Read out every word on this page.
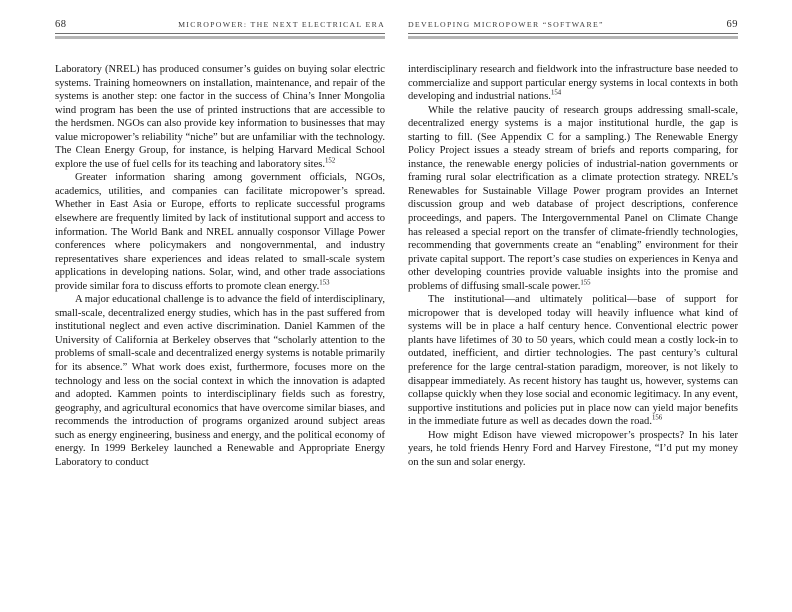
68	MICROPOWER: THE NEXT ELECTRICAL ERA

Laboratory (NREL) has produced consumer’s guides on buying solar electric systems. Training homeowners on installation, maintenance, and repair of the systems is another step: one factor in the success of China’s Inner Mongolia wind program has been the use of printed instructions that are accessible to the herdsmen. NGOs can also provide key information to businesses that may value micropower’s reliability “niche” but are unfamiliar with the technology. The Clean Energy Group, for instance, is helping Harvard Medical School explore the use of fuel cells for its teaching and laboratory sites.$^{152}$

Greater information sharing among government officials, NGOs, academics, utilities, and companies can facilitate micropower’s spread. Whether in East Asia or Europe, efforts to replicate successful programs elsewhere are frequently limited by lack of institutional support and access to information. The World Bank and NREL annually cosponsor Village Power conferences where policymakers and nongovernmental, and industry representatives share experiences and ideas related to small-scale system applications in developing nations. Solar, wind, and other trade associations provide similar fora to discuss efforts to promote clean energy.$^{153}$

A major educational challenge is to advance the field of interdisciplinary, small-scale, decentralized energy studies, which has in the past suffered from institutional neglect and even active discrimination. Daniel Kammen of the University of California at Berkeley observes that “scholarly attention to the problems of small-scale and decentralized energy systems is notable primarily for its absence.” What work does exist, furthermore, focuses more on the technology and less on the social context in which the innovation is adapted and adopted. Kammen points to interdisciplinary fields such as forestry, geography, and agricultural economics that have overcome similar biases, and recommends the introduction of programs organized around subject areas such as energy engineering, business and energy, and the political economy of energy. In 1999 Berkeley launched a Renewable and Appropriate Energy Laboratory to conduct

DEVELOPING MICROPOWER “SOFTWARE”	69

interdisciplinary research and fieldwork into the infrastructure base needed to commercialize and support particular energy systems in local contexts in both developing and industrial nations.$^{154}$

While the relative paucity of research groups addressing small-scale, decentralized energy systems is a major institutional hurdle, the gap is starting to fill. (See Appendix C for a sampling.) The Renewable Energy Policy Project issues a steady stream of briefs and reports comparing, for instance, the renewable energy policies of industrial-nation governments or framing rural solar electrification as a climate protection strategy. NREL’s Renewables for Sustainable Village Power program provides an Internet discussion group and web database of project descriptions, conference proceedings, and papers. The Intergovernmental Panel on Climate Change has released a special report on the transfer of climate-friendly technologies, recommending that governments create an “enabling” environment for their private capital support. The report’s case studies on experiences in Kenya and other developing countries provide valuable insights into the promise and problems of diffusing small-scale power.$^{155}$

The institutional—and ultimately political—base of support for micropower that is developed today will heavily influence what kind of systems will be in place a half century hence. Conventional electric power plants have lifetimes of 30 to 50 years, which could mean a costly lock-in to outdated, inefficient, and dirtier technologies. The past century’s cultural preference for the large central-station paradigm, moreover, is not likely to disappear immediately. As recent history has taught us, however, systems can collapse quickly when they lose social and economic legitimacy. In any event, supportive institutions and policies put in place now can yield major benefits in the immediate future as well as decades down the road.$^{156}$

How might Edison have viewed micropower’s prospects? In his later years, he told friends Henry Ford and Harvey Firestone, “I’d put my money on the sun and solar energy.
